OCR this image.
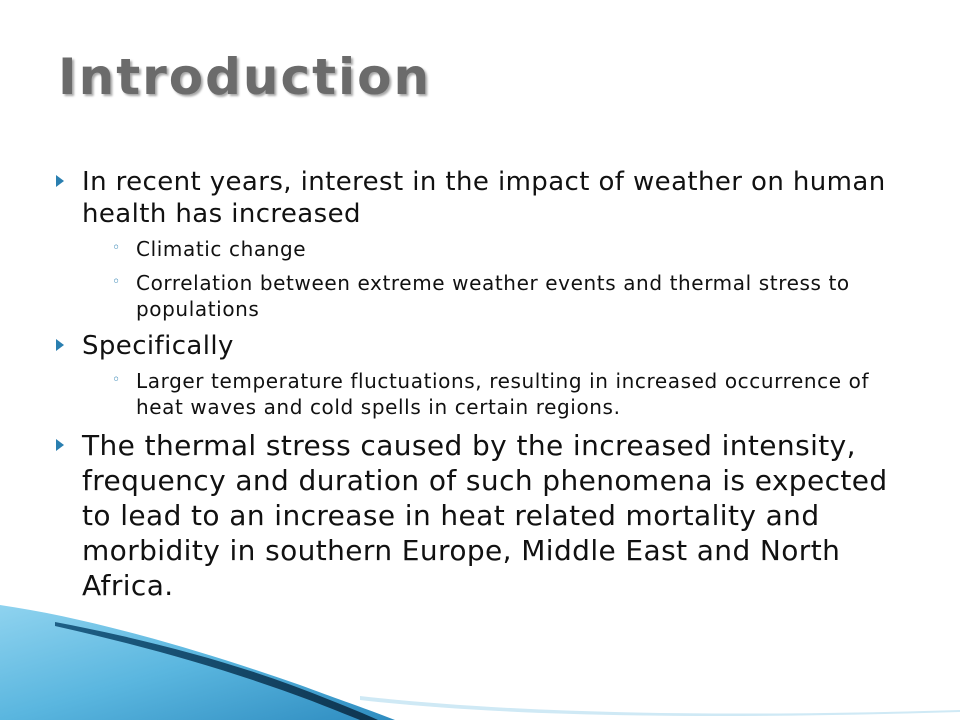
Introduction
In recent years, interest in the impact of weather on human health has increased
◦ Climatic change
◦ Correlation between extreme weather events and thermal stress to populations
Specifically
◦ Larger temperature fluctuations, resulting in increased occurrence of heat waves and cold spells in certain regions.
The thermal stress caused by the increased intensity, frequency and duration of such phenomena is expected to lead to an increase in heat related mortality and morbidity in southern Europe, Middle East and North Africa.
